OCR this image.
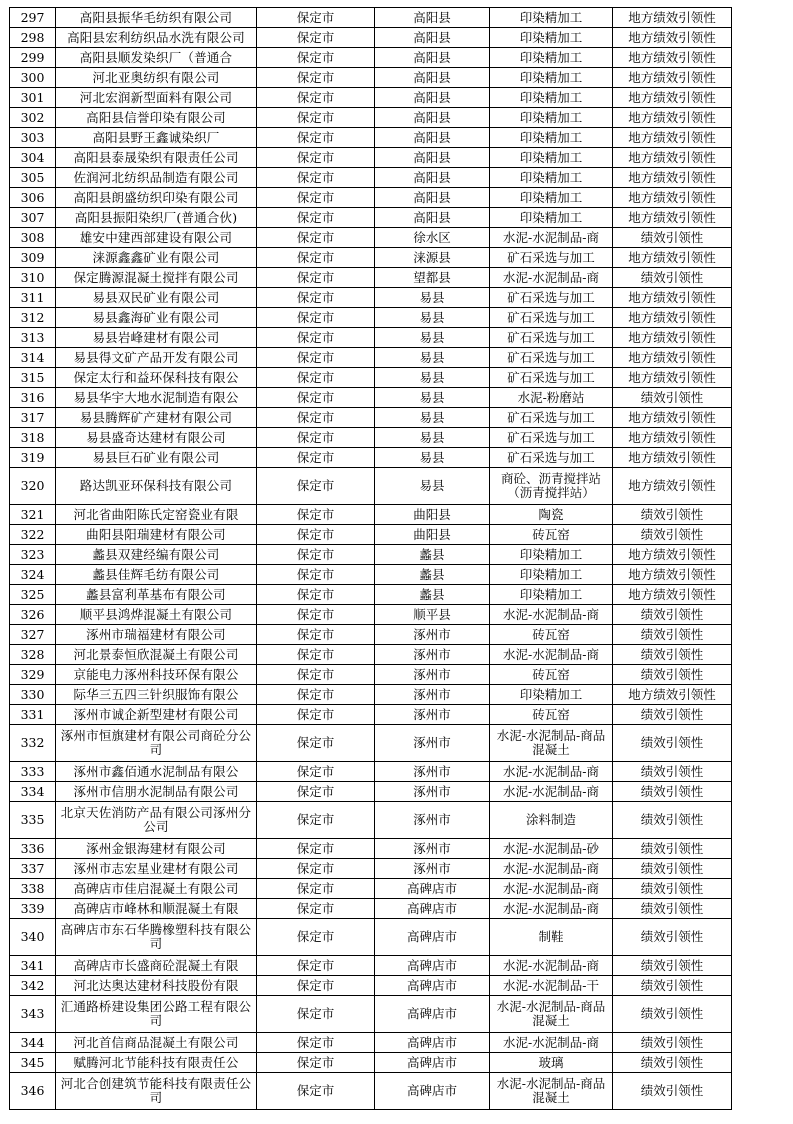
297	高阳县振华毛纺织有限公司	保定市	高阳县	印染精加工	地方绩效引领性
298	高阳县宏利纺织品水洗有限公司	保定市	高阳县	印染精加工	地方绩效引领性
299	高阳县顺发染织厂（普通合	保定市	高阳县	印染精加工	地方绩效引领性
300	河北亚奥纺织有限公司	保定市	高阳县	印染精加工	地方绩效引领性
301	河北宏润新型面料有限公司	保定市	高阳县	印染精加工	地方绩效引领性
302	高阳县信誉印染有限公司	保定市	高阳县	印染精加工	地方绩效引领性
303	高阳县野王鑫诚染织厂	保定市	高阳县	印染精加工	地方绩效引领性
304	高阳县泰晟染织有限责任公司	保定市	高阳县	印染精加工	地方绩效引领性
305	佐润河北纺织品制造有限公司	保定市	高阳县	印染精加工	地方绩效引领性
306	高阳县朗盛纺织印染有限公司	保定市	高阳县	印染精加工	地方绩效引领性
307	高阳县振阳染织厂(普通合伙)	保定市	高阳县	印染精加工	地方绩效引领性
308	雄安中建西部建设有限公司	保定市	徐水区	水泥-水泥制品-商	绩效引领性
309	涞源鑫鑫矿业有限公司	保定市	涞源县	矿石采选与加工	地方绩效引领性
310	保定腾源混凝土搅拌有限公司	保定市	望都县	水泥-水泥制品-商	绩效引领性
311	易县双民矿业有限公司	保定市	易县	矿石采选与加工	地方绩效引领性
312	易县鑫海矿业有限公司	保定市	易县	矿石采选与加工	地方绩效引领性
313	易县岩峰建材有限公司	保定市	易县	矿石采选与加工	地方绩效引领性
314	易县得文矿产品开发有限公司	保定市	易县	矿石采选与加工	地方绩效引领性
315	保定太行和益环保科技有限公	保定市	易县	矿石采选与加工	地方绩效引领性
316	易县华宇大地水泥制造有限公	保定市	易县	水泥-粉磨站	绩效引领性
317	易县腾辉矿产建材有限公司	保定市	易县	矿石采选与加工	地方绩效引领性
318	易县盛奇达建材有限公司	保定市	易县	矿石采选与加工	地方绩效引领性
319	易县巨石矿业有限公司	保定市	易县	矿石采选与加工	地方绩效引领性
320	路达凯亚环保科技有限公司	保定市	易县	商砼、沥青搅拌站（沥青搅拌站）	地方绩效引领性
321	河北省曲阳陈氏定窑瓷业有限	保定市	曲阳县	陶瓷	绩效引领性
322	曲阳县阳瑞建材有限公司	保定市	曲阳县	砖瓦窑	绩效引领性
323	蠡县双建经编有限公司	保定市	蠡县	印染精加工	地方绩效引领性
324	蠡县佳辉毛纺有限公司	保定市	蠡县	印染精加工	地方绩效引领性
325	蠡县富利革基布有限公司	保定市	蠡县	印染精加工	地方绩效引领性
326	顺平县鸿烨混凝土有限公司	保定市	顺平县	水泥-水泥制品-商	绩效引领性
327	涿州市瑞福建材有限公司	保定市	涿州市	砖瓦窑	绩效引领性
328	河北景泰恒欣混凝土有限公司	保定市	涿州市	水泥-水泥制品-商	绩效引领性
329	京能电力涿州科技环保有限公	保定市	涿州市	砖瓦窑	绩效引领性
330	际华三五四三针织服饰有限公	保定市	涿州市	印染精加工	地方绩效引领性
331	涿州市诚企新型建材有限公司	保定市	涿州市	砖瓦窑	绩效引领性
332	涿州市恒旗建材有限公司商砼分公司	保定市	涿州市	水泥-水泥制品-商品混凝土	绩效引领性
333	涿州市鑫佰通水泥制品有限公	保定市	涿州市	水泥-水泥制品-商	绩效引领性
334	涿州市信朋水泥制品有限公司	保定市	涿州市	水泥-水泥制品-商	绩效引领性
335	北京天佐消防产品有限公司涿州分公司	保定市	涿州市	涂料制造	绩效引领性
336	涿州金银海建材有限公司	保定市	涿州市	水泥-水泥制品-砂	绩效引领性
337	涿州市志宏星业建材有限公司	保定市	涿州市	水泥-水泥制品-商	绩效引领性
338	高碑店市佳启混凝土有限公司	保定市	高碑店市	水泥-水泥制品-商	绩效引领性
339	高碑店市峰林和顺混凝土有限	保定市	高碑店市	水泥-水泥制品-商	绩效引领性
340	高碑店市东石华腾橡塑科技有限公司	保定市	高碑店市	制鞋	绩效引领性
341	高碑店市长盛商砼混凝土有限	保定市	高碑店市	水泥-水泥制品-商	绩效引领性
342	河北达奥达建材科技股份有限	保定市	高碑店市	水泥-水泥制品-干	绩效引领性
343	汇通路桥建设集团公路工程有限公司	保定市	高碑店市	水泥-水泥制品-商品混凝土	绩效引领性
344	河北首信商品混凝土有限公司	保定市	高碑店市	水泥-水泥制品-商	绩效引领性
345	赋腾河北节能科技有限责任公	保定市	高碑店市	玻璃	绩效引领性
346	河北合创建筑节能科技有限责任公司	保定市	高碑店市	水泥-水泥制品-商品混凝土	绩效引领性
